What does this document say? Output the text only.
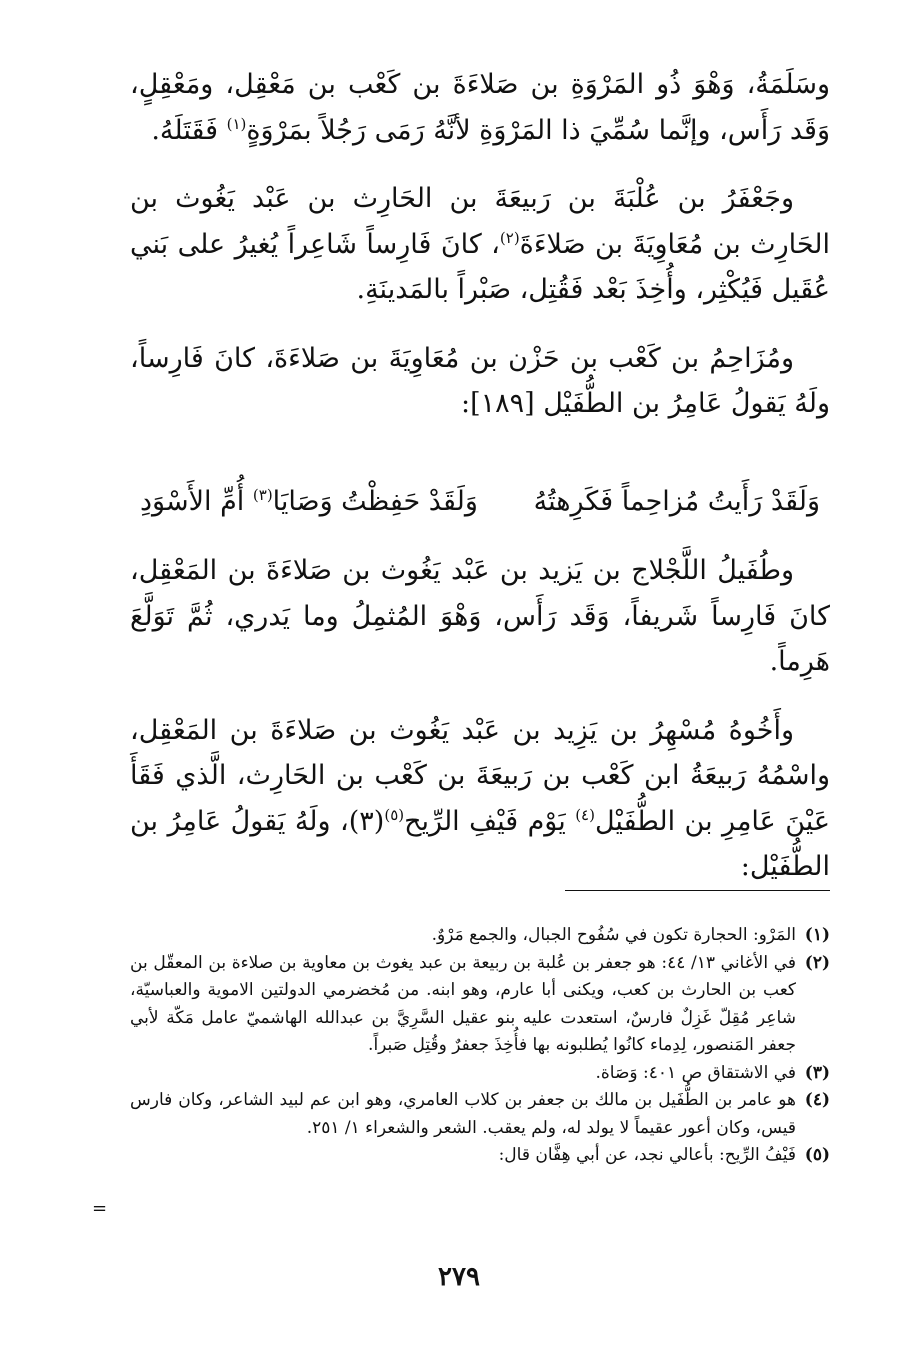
وسَلَمَةُ، وَهْوَ ذُو المَرْوَةِ بن صَلاءَةَ بن كَعْب بن مَعْقِل، ومَعْقِلٍ، وَقَد رَأَس، وإنَّما سُمِّيَ ذا المَرْوَةِ لأنَّهُ رَمَى رَجُلاً بمَرْوَةٍ$^{(١)}$ فَقَتَلَهُ.

وجَعْفَرُ بن عُلْبَةَ بن رَبيعَةَ بن الحَارِث بن عَبْد يَغُوث بن الحَارِث بن مُعَاوِيَةَ بن صَلاءَةَ$^{(٢)}$، كانَ فَارِساً شَاعِراً يُغيرُ على بَني عُقَيل فَيُكْثِر، وأُخِذَ بَعْد فَقُتِل، صَبْراً بالمَدينَةِ.

ومُزَاحِمُ بن كَعْب بن حَزْن بن مُعَاوِيَةَ بن صَلاءَةَ، كانَ فَارِساً، ولَهُ يَقولُ عَامِرُ بن الطُّفَيْل [١٨٩]:

وَلَقَدْ رَأَيتُ مُزاحِماً فَكَرِهتُهُ
وَلَقَدْ حَفِظْتُ وَصَايَا$^{(٣)}$ أُمِّ الأَسْوَدِ

وطُفَيلُ اللَّجْلاج بن يَزيد بن عَبْد يَغُوث بن صَلاءَةَ بن المَعْقِل، كانَ فَارِساً شَريفاً، وَقَد رَأَس، وَهْوَ المُثمِلُ وما يَدري، ثُمَّ تَوَلَّعَ هَرِماً.

وأَخُوهُ مُسْهِرُ بن يَزِيد بن عَبْد يَغُوث بن صَلاءَةَ بن المَعْقِل، واسْمُهُ رَبيعَةُ ابن كَعْب بن رَبيعَةَ بن كَعْب بن الحَارِث، الَّذي فَقَأَ عَيْنَ عَامِرِ بن الطُّفَيْل$^{(٤)}$ يَوْم فَيْفِ الرِّيح$^{(٥)}$(٣)، ولَهُ يَقولُ عَامِرُ بن الطُّفَيْل:

(١)
المَرْو: الحجارة تكون في سُفُوح الجبال، والجمع مَرْوٌ.
(٢)
في الأغاني ١٣/ ٤٤: هو جعفر بن عُلبة بن ربيعة بن عبد يغوث بن معاوية بن صلاءة بن المعقّل بن كعب بن الحارث بن كعب، ويكنى أبا عارم، وهو ابنه. من مُخضرمي الدولتين الاموية والعباسيّة، شاعِر مُقِلّ غَزِلٌ فارسٌ، استعدت عليه بنو عقيل السَّرِيَّ بن عبدالله الهاشميّ عامل مَكّة لأبي جعفر المَنصور، لِدِماء كانُوا يُطلبونه بها فأُخِذَ جعفرٌ وقُتِل صَبراً.
(٣)
في الاشتقاق ص ٤٠١: وَصَاة.
(٤)
هو عامر بن الطُّفَيل بن مالك بن جعفر بن كلاب العامري، وهو ابن عم لبيد الشاعر، وكان فارس قيس، وكان أعور عقيماً لا يولد له، ولم يعقب. الشعر والشعراء ١/ ٢٥١.
(٥)
فَيْفُ الرِّيح: بأعالي نجد، عن أبي هِفَّان قال:
=
٢٧٩
